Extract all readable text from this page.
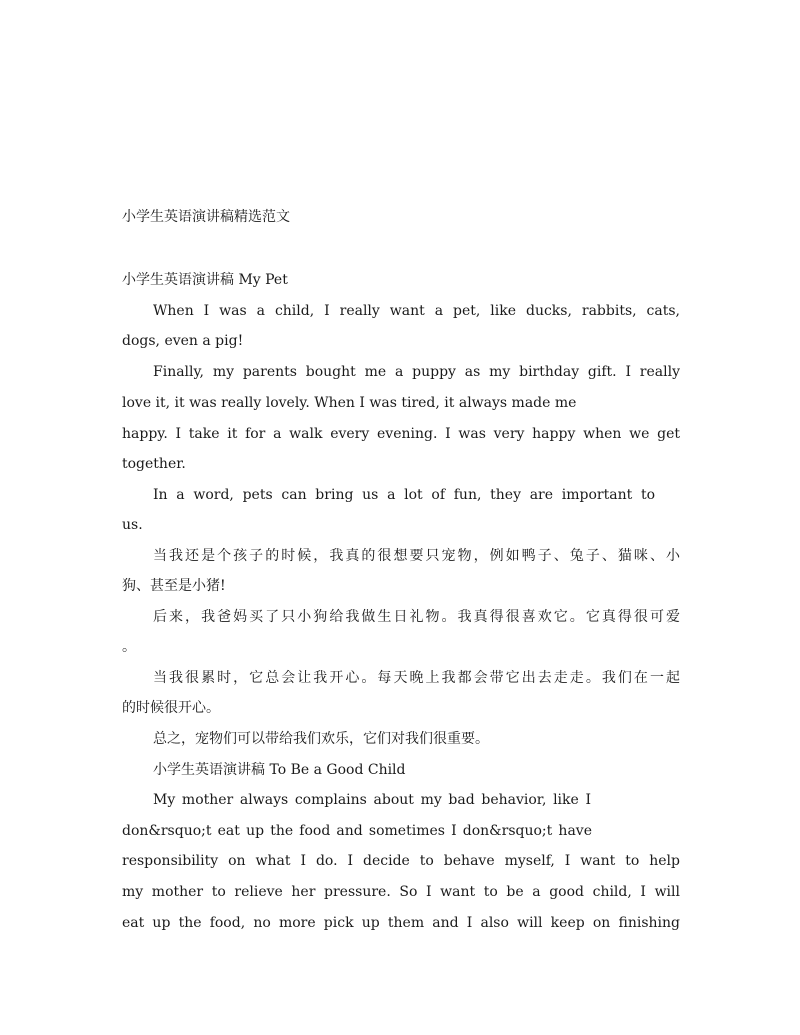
小学生英语演讲稿精选范文
小学生英语演讲稿 My Pet
When I was a child, I really want a pet, like ducks, rabbits, cats,
dogs, even a pig!
Finally, my parents bought me a puppy as my birthday gift. I really
love it, it was really lovely. When I was tired, it always made me
happy. I take it for a walk every evening. I was very happy when we get
together.
In a word, pets can bring us a lot of fun, they are important to
us.
当我还是个孩子的时候，我真的很想要只宠物，例如鸭子、兔子、猫咪、小
狗、甚至是小猪!
后来，我爸妈买了只小狗给我做生日礼物。我真得很喜欢它。它真得很可爱
。
当我很累时，它总会让我开心。每天晚上我都会带它出去走走。我们在一起
的时候很开心。
总之，宠物们可以带给我们欢乐，它们对我们很重要。
小学生英语演讲稿 To Be a Good Child
My mother always complains about my bad behavior, like I
don&rsquo;t eat up the food and sometimes I don&rsquo;t have
responsibility on what I do. I decide to behave myself, I want to help
my mother to relieve her pressure. So I want to be a good child, I will
eat up the food, no more pick up them and I also will keep on finishing
